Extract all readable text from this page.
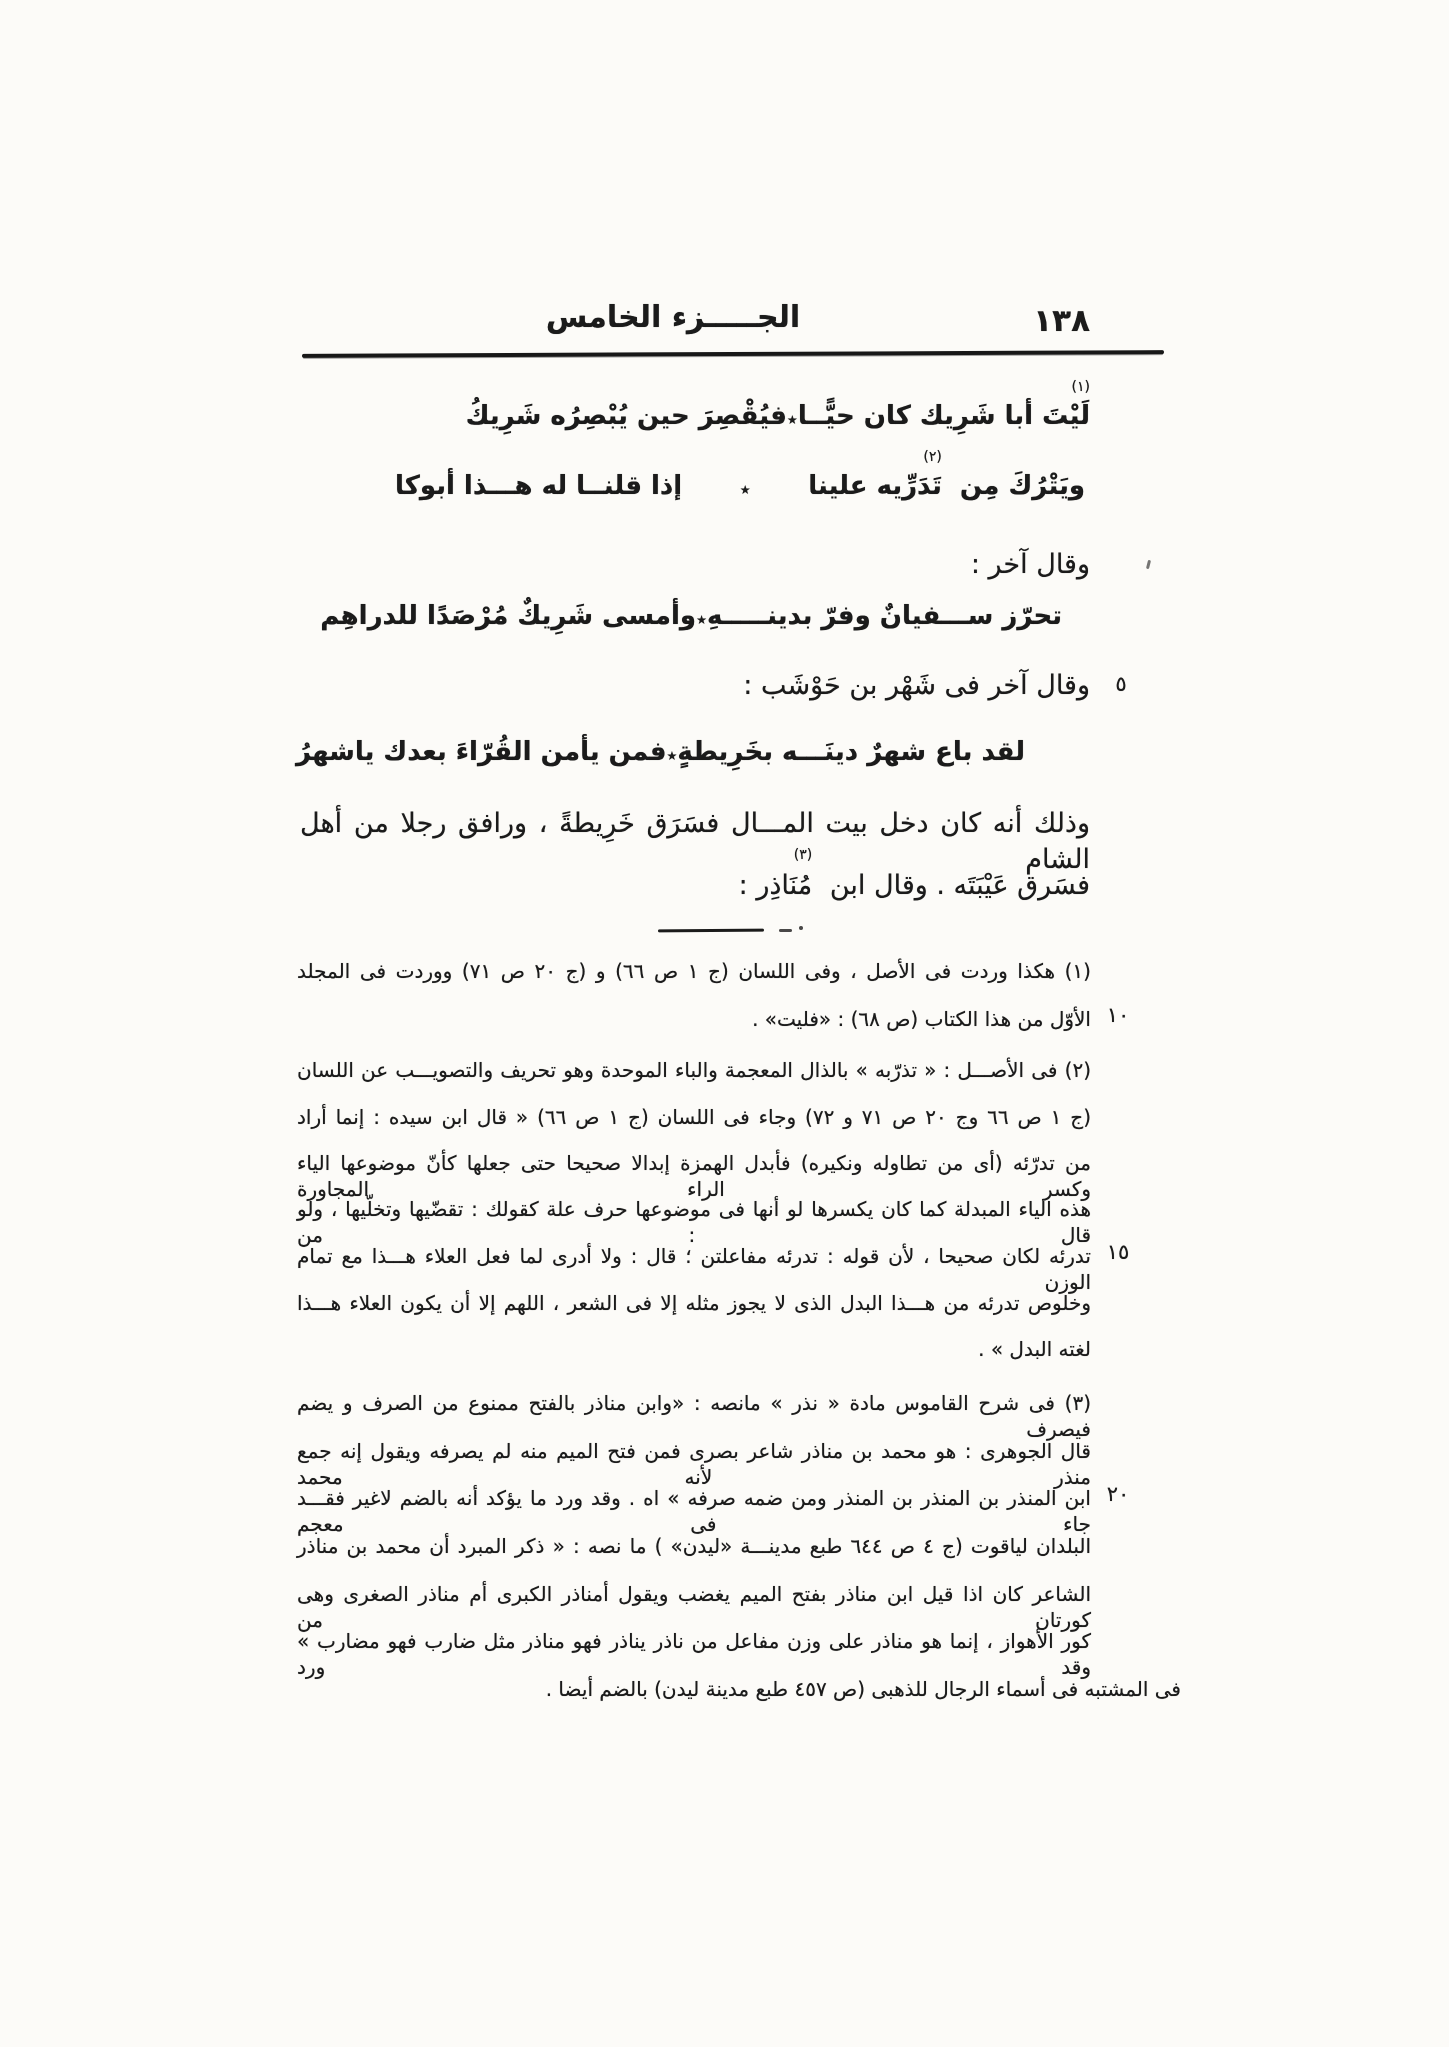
الجـــــزء الخامس	١٣٨
(١)
لَيْتَأبا شَرِيك كان حيًّــا
٭
فيُقْصِرَ حين يُبْصِرُه شَرِيكُ
ويَتْرُكَ مِن
(٢)
تَدَرِّيهعلينا
٭
إذا قلنــا له هـــذا أبوكا
وقال آخر :
تحرّز ســـفيانٌ وفرّ بدينـــــهِ
٭
وأمسى شَرِيكٌ مُرْصَدًا للدراهِم
وقال آخر فى شَهْر بن حَوْشَب :
لقد باع شهرٌ دينَـــه بخَرِيطةٍ
٭
فمن يأمن القُرّاءَ بعدك ياشهرُ
وذلك أنه كان دخل بيت المـــال فسَرَق خَرِيطةً ، ورافق رجلا من أهل الشام
فسَرق عَيْبَتَه . وقال ابن
(٣)
مُنَاذِر :
(١) هكذا وردت فى الأصل ، وفى اللسان (ج ١ ص ٦٦) و (ج ٢٠ ص ٧١) ووردت فى المجلد
الأوّل من هذا الكتاب (ص ٦٨) : «فليت» .
(٢) فى الأصـــل : « تذرّبه » بالذال المعجمة والباء الموحدة وهو تحريف والتصويـــب عن اللسان
(ج ١ ص ٦٦ وج ٢٠ ص ٧١ و ٧٢) وجاء فى اللسان (ج ١ ص ٦٦) « قال ابن سيده : إنما أراد
من تدرّئه (أى من تطاوله ونكيره) فأبدل الهمزة إبدالا صحيحا حتى جعلها كأنّ موضوعها الياء وكسر الراء المجاورة
هذه الياء المبدلة كما كان يكسرها لو أنها فى موضوعها حرف علة كقولك : تقضّيها وتخلّيها ، ولو قال : من
تدرئه لكان صحيحا ، لأن قوله : تدرئه مفاعلتن ؛ قال : ولا أدرى لما فعل العلاء هـــذا مع تمام الوزن
وخلوص تدرئه من هـــذا البدل الذى لا يجوز مثله إلا فى الشعر ، اللهم إلا أن يكون العلاء هـــذا
لغته البدل » .
(٣) فى شرح القاموس مادة « نذر » مانصه : «وابن مناذر بالفتح ممنوع من الصرف و يضم فيصرف
قال الجوهرى : هو محمد بن مناذر شاعر بصرى فمن فتح الميم منه لم يصرفه ويقول إنه جمع منذر لأنه محمد
ابن المنذر بن المنذر بن المنذر ومن ضمه صرفه » اه . وقد ورد ما يؤكد أنه بالضم لاغير فقـــد جاء فى معجم
البلدان لياقوت (ج ٤ ص ٦٤٤ طبع مدينـــة «ليدن» ) ما نصه : « ذكر المبرد أن محمد بن مناذر
الشاعر كان اذا قيل ابن مناذر بفتح الميم يغضب ويقول أمناذر الكبرى أم مناذر الصغرى وهى كورتان من
كور الأهواز ، إنما هو مناذر على وزن مفاعل من ناذر يناذر فهو مناذر مثل ضارب فهو مضارب » وقد ورد
فى المشتبه فى أسماء الرجال للذهبى (ص ٤٥٧ طبع مدينة ليدن) بالضم أيضا .
٥
١٠
١٥
٢٠
